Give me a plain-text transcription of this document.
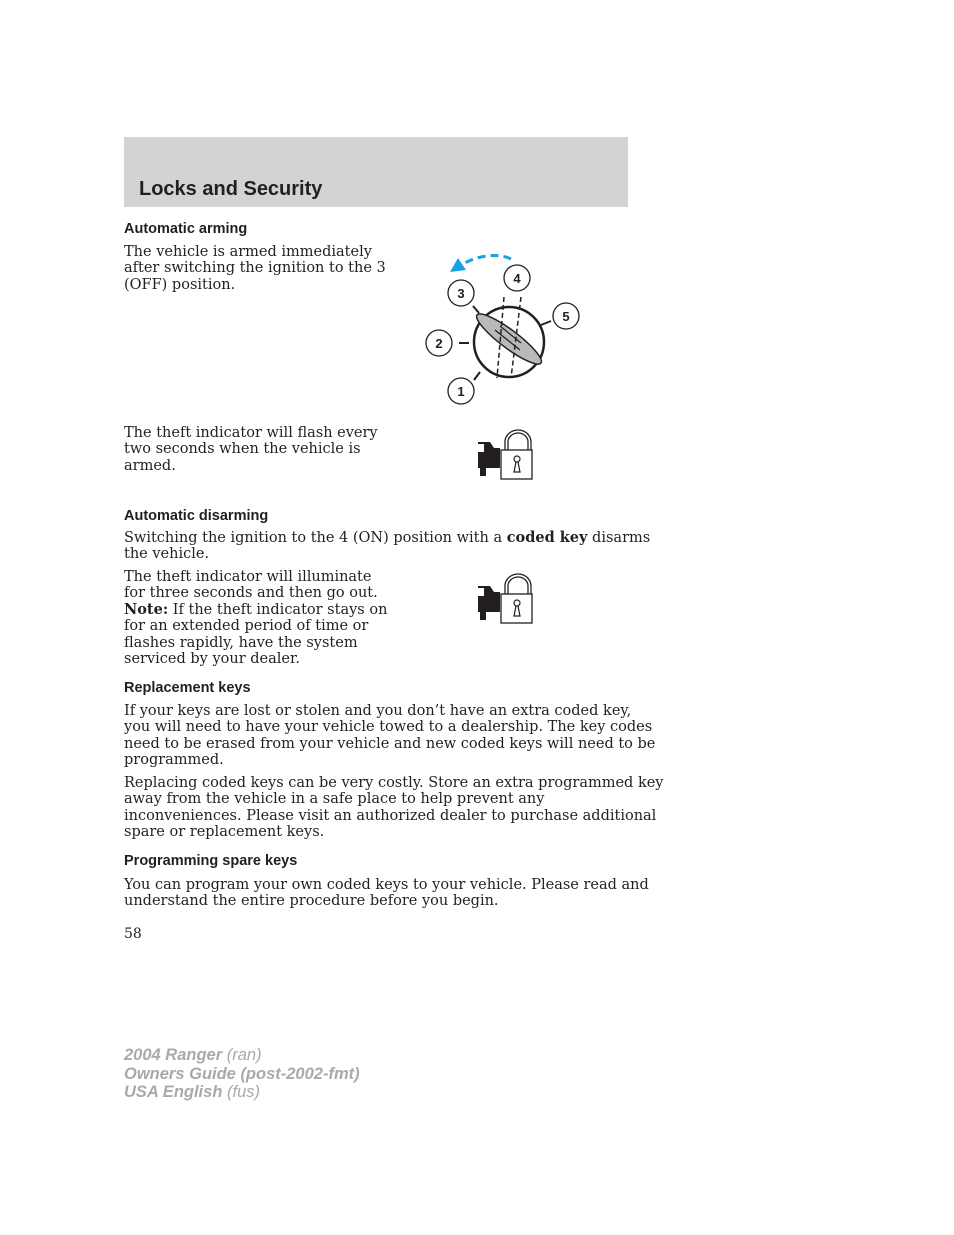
Locks and Security
Automatic arming
The vehicle is armed immediately
after switching the ignition to the 3
(OFF) position.
3
4
5
2
1
The theft indicator will flash every
two seconds when the vehicle is
armed.
Automatic disarming
Switching the ignition to the 4 (ON) position with a coded key disarms
the vehicle.
The theft indicator will illuminate
for three seconds and then go out.
Note: If the theft indicator stays on
for an extended period of time or
flashes rapidly, have the system
serviced by your dealer.
Replacement keys
If your keys are lost or stolen and you don’t have an extra coded key,
you will need to have your vehicle towed to a dealership. The key codes
need to be erased from your vehicle and new coded keys will need to be
programmed.
Replacing coded keys can be very costly. Store an extra programmed key
away from the vehicle in a safe place to help prevent any
inconveniences. Please visit an authorized dealer to purchase additional
spare or replacement keys.
Programming spare keys
You can program your own coded keys to your vehicle. Please read and
understand the entire procedure before you begin.
58
2004 Ranger (ran)
Owners Guide (post-2002-fmt)
USA English (fus)
